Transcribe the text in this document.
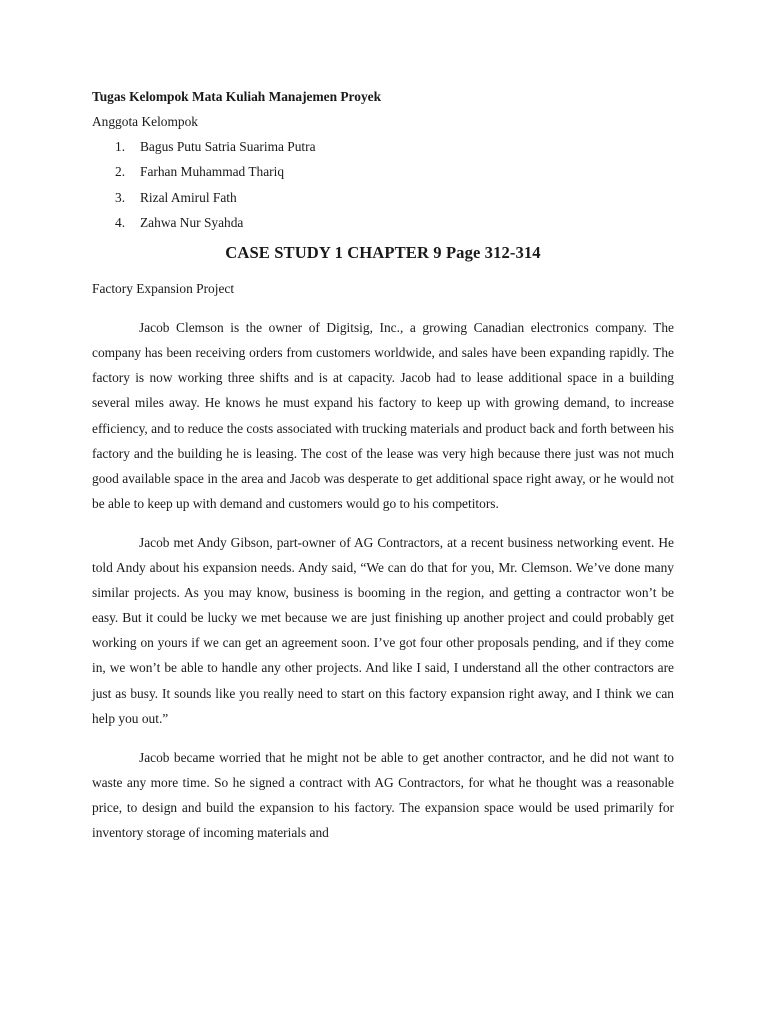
Tugas Kelompok Mata Kuliah Manajemen Proyek

Anggota Kelompok

1.	Bagus Putu Satria Suarima Putra
2.	Farhan Muhammad Thariq
3.	Rizal Amirul Fath
4.	Zahwa Nur Syahda
CASE STUDY 1 CHAPTER 9 Page 312-314

Factory Expansion Project

Jacob Clemson is the owner of Digitsig, Inc., a growing Canadian electronics company. The company has been receiving orders from customers worldwide, and sales have been expanding rapidly. The factory is now working three shifts and is at capacity. Jacob had to lease additional space in a building several miles away. He knows he must expand his factory to keep up with growing demand, to increase efficiency, and to reduce the costs associated with trucking materials and product back and forth between his factory and the building he is leasing. The cost of the lease was very high because there just was not much good available space in the area and Jacob was desperate to get additional space right away, or he would not be able to keep up with demand and customers would go to his competitors.

Jacob met Andy Gibson, part-owner of AG Contractors, at a recent business networking event. He told Andy about his expansion needs. Andy said, “We can do that for you, Mr. Clemson. We’ve done many similar projects. As you may know, business is booming in the region, and getting a contractor won’t be easy. But it could be lucky we met because we are just finishing up another project and could probably get working on yours if we can get an agreement soon. I’ve got four other proposals pending, and if they come in, we won’t be able to handle any other projects. And like I said, I understand all the other contractors are just as busy. It sounds like you really need to start on this factory expansion right away, and I think we can help you out.”

Jacob became worried that he might not be able to get another contractor, and he did not want to waste any more time. So he signed a contract with AG Contractors, for what he thought was a reasonable price, to design and build the expansion to his factory. The expansion space would be used primarily for inventory storage of incoming materials and
